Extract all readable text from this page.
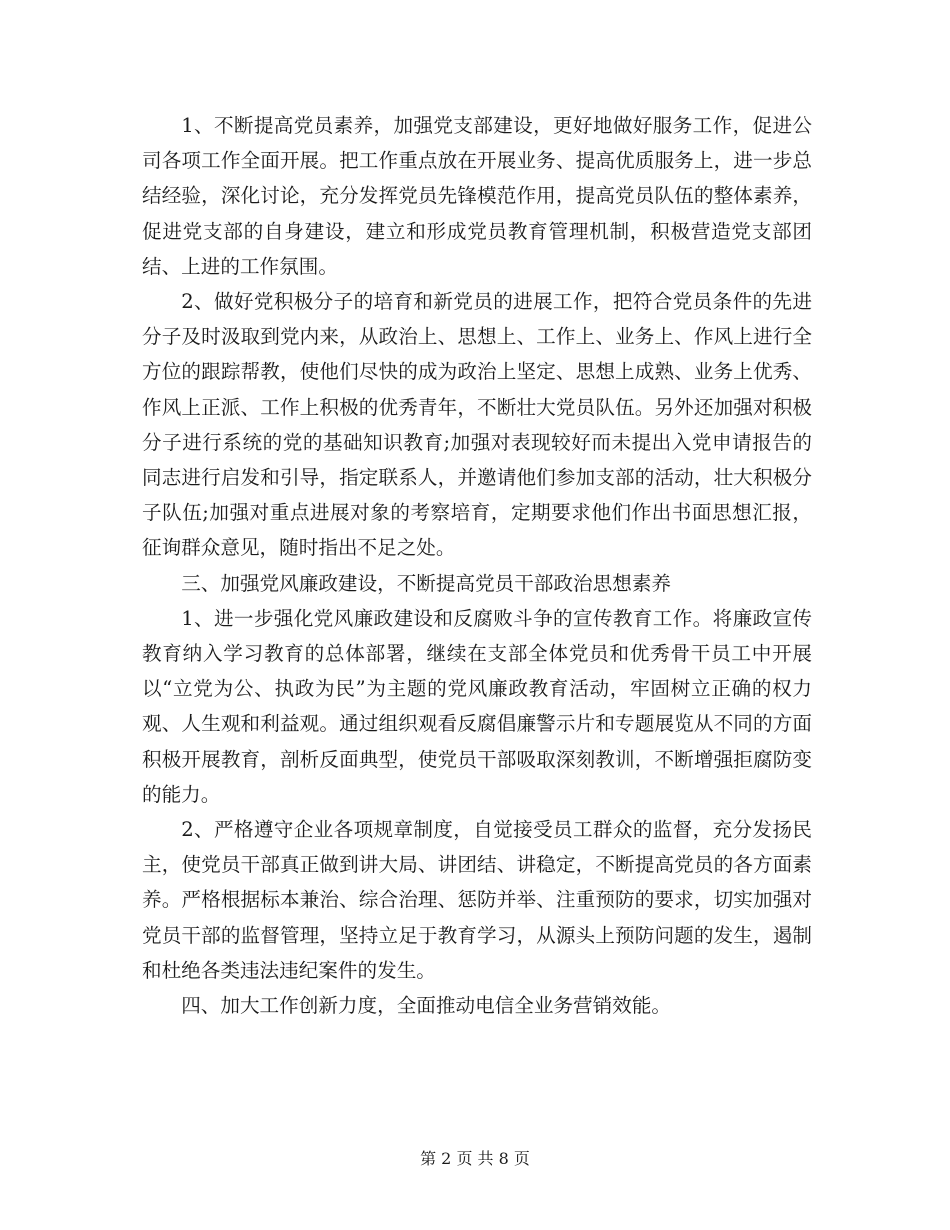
1、不断提高党员素养，加强党支部建设，更好地做好服务工作，促进公司各项工作全面开展。把工作重点放在开展业务、提高优质服务上，进一步总结经验，深化讨论，充分发挥党员先锋模范作用，提高党员队伍的整体素养，促进党支部的自身建设，建立和形成党员教育管理机制，积极营造党支部团结、上进的工作氛围。

2、做好党积极分子的培育和新党员的进展工作，把符合党员条件的先进分子及时汲取到党内来，从政治上、思想上、工作上、业务上、作风上进行全方位的跟踪帮教，使他们尽快的成为政治上坚定、思想上成熟、业务上优秀、作风上正派、工作上积极的优秀青年，不断壮大党员队伍。另外还加强对积极分子进行系统的党的基础知识教育;加强对表现较好而未提出入党申请报告的同志进行启发和引导，指定联系人，并邀请他们参加支部的活动，壮大积极分子队伍;加强对重点进展对象的考察培育，定期要求他们作出书面思想汇报，征询群众意见，随时指出不足之处。

三、加强党风廉政建设，不断提高党员干部政治思想素养

1、进一步强化党风廉政建设和反腐败斗争的宣传教育工作。将廉政宣传教育纳入学习教育的总体部署，继续在支部全体党员和优秀骨干员工中开展以“立党为公、执政为民”为主题的党风廉政教育活动，牢固树立正确的权力观、人生观和利益观。通过组织观看反腐倡廉警示片和专题展览从不同的方面积极开展教育，剖析反面典型，使党员干部吸取深刻教训，不断增强拒腐防变的能力。

2、严格遵守企业各项规章制度，自觉接受员工群众的监督，充分发扬民主，使党员干部真正做到讲大局、讲团结、讲稳定，不断提高党员的各方面素养。严格根据标本兼治、综合治理、惩防并举、注重预防的要求，切实加强对党员干部的监督管理，坚持立足于教育学习，从源头上预防问题的发生，遏制和杜绝各类违法违纪案件的发生。

四、加大工作创新力度，全面推动电信全业务营销效能。

第 2 页 共 8 页
